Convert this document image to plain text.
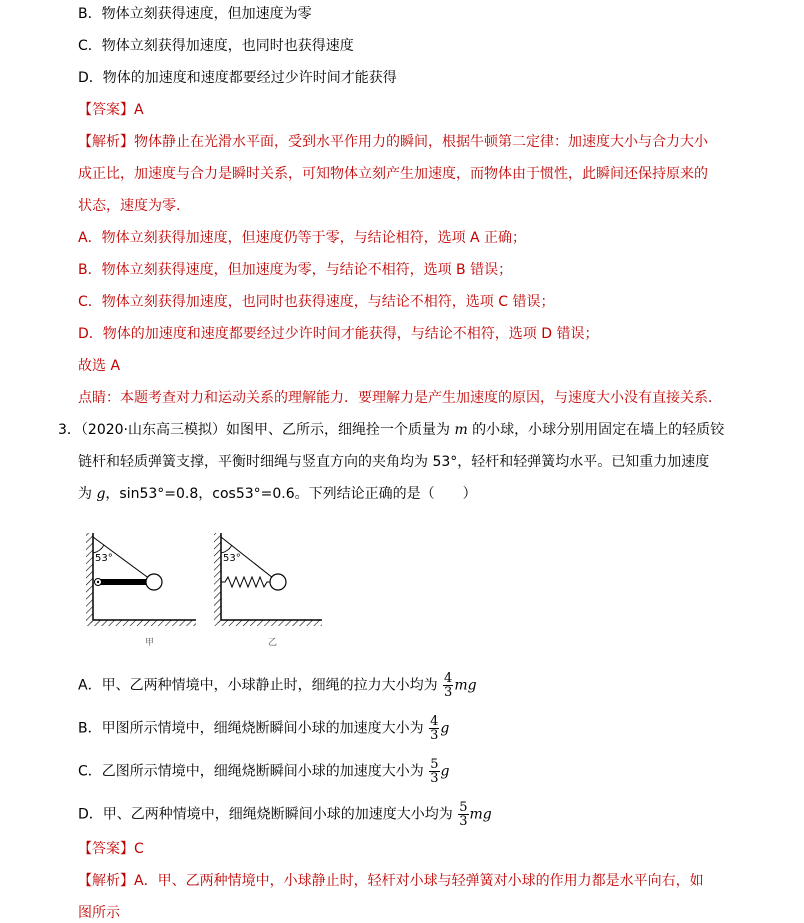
B．物体立刻获得速度，但加速度为零
C．物体立刻获得加速度，也同时也获得速度
D．物体的加速度和速度都要经过少许时间才能获得
【答案】A
【解析】物体静止在光滑水平面，受到水平作用力的瞬间，根据牛顿第二定律：加速度大小与合力大小
成正比，加速度与合力是瞬时关系，可知物体立刻产生加速度，而物体由于惯性，此瞬间还保持原来的
状态，速度为零.
A．物体立刻获得加速度，但速度仍等于零，与结论相符，选项 A 正确；
B．物体立刻获得速度，但加速度为零，与结论不相符，选项 B 错误；
C．物体立刻获得加速度，也同时也获得速度，与结论不相符，选项 C 错误；
D．物体的加速度和速度都要经过少许时间才能获得，与结论不相符，选项 D 错误；
故选 A
点睛：本题考查对力和运动关系的理解能力．要理解力是产生加速度的原因，与速度大小没有直接关系．
3．（2020·山东高三模拟）如图甲、乙所示，细绳拴一个质量为 m 的小球，小球分别用固定在墙上的轻质铰
链杆和轻质弹簧支撑，平衡时细绳与竖直方向的夹角均为 53°，轻杆和轻弹簧均水平。已知重力加速度
为 g，sin53°=0.8，cos53°=0.6。下列结论正确的是（　　）
53°
甲
53°
乙
A．甲、乙两种情境中，小球静止时，细绳的拉力大小均为 $\frac{4}{3}$ mg
B．甲图所示情境中，细绳烧断瞬间小球的加速度大小为 $\frac{4}{3}$ g
C．乙图所示情境中，细绳烧断瞬间小球的加速度大小为 $\frac{5}{3}$ g
D．甲、乙两种情境中，细绳烧断瞬间小球的加速度大小均为 $\frac{5}{3}$ mg
【答案】C
【解析】A．甲、乙两种情境中，小球静止时，轻杆对小球与轻弹簧对小球的作用力都是水平向右，如
图所示
